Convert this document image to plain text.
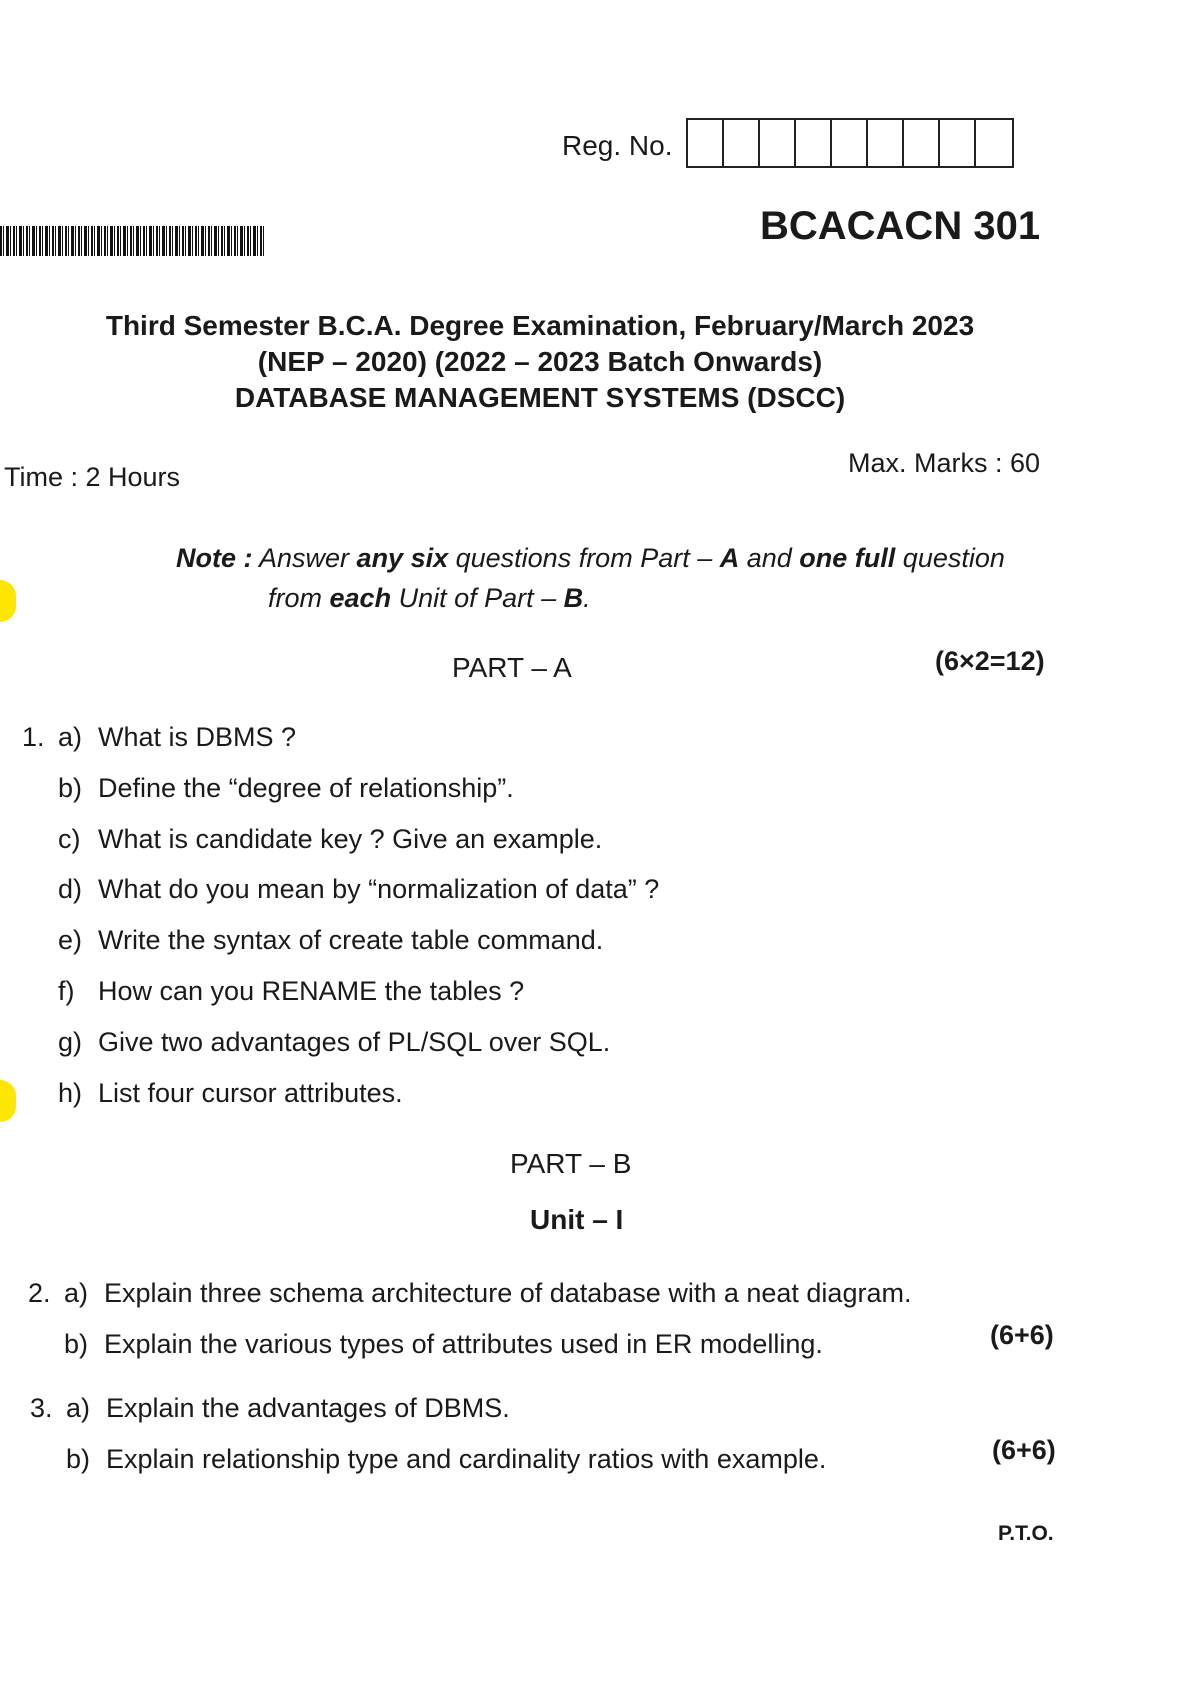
Reg. No.
BCACACN 301
Third Semester B.C.A. Degree Examination, February/March 2023
(NEP – 2020) (2022 – 2023 Batch Onwards)
DATABASE MANAGEMENT SYSTEMS (DSCC)
Time : 2 Hours	Max. Marks : 60
Note : Answer any six questions from Part – A and one full question
from each Unit of Part – B.
PART – A	(6×2=12)
1. a) What is DBMS ?
b) Define the “degree of relationship”.
c) What is candidate key ? Give an example.
d) What do you mean by “normalization of data” ?
e) Write the syntax of create table command.
f) How can you RENAME the tables ?
g) Give two advantages of PL/SQL over SQL.
h) List four cursor attributes.
PART – B
Unit – I
2. a) Explain three schema architecture of database with a neat diagram.
b) Explain the various types of attributes used in ER modelling.	(6+6)
3. a) Explain the advantages of DBMS.
b) Explain relationship type and cardinality ratios with example.	(6+6)
P.T.O.
